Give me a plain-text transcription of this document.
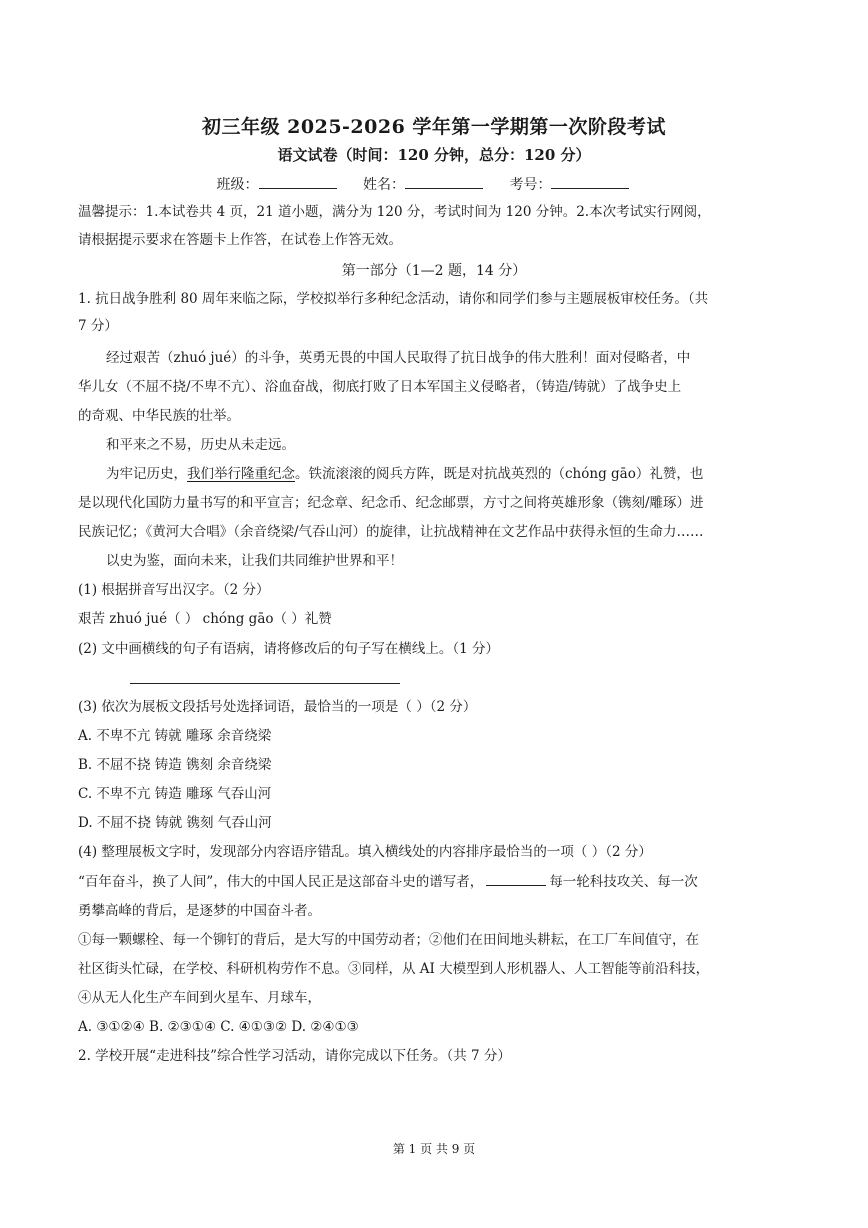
初三年级 2025-2026 学年第一学期第一次阶段考试
语文试卷（时间：120 分钟，总分：120 分）
班级：	姓名：	考号：
温馨提示：1.本试卷共 4 页，21 道小题，满分为 120 分，考试时间为 120 分钟。2.本次考试实行网阅，
请根据提示要求在答题卡上作答，在试卷上作答无效。
第一部分（1—2 题，14 分）
1. 抗日战争胜利 80 周年来临之际，学校拟举行多种纪念活动，请你和同学们参与主题展板审校任务。（共
7 分）
经过艰苦（zhuó jué）的斗争，英勇无畏的中国人民取得了抗日战争的伟大胜利！面对侵略者，中
华儿女（不屈不挠/不卑不亢）、浴血奋战，彻底打败了日本军国主义侵略者，（铸造/铸就）了战争史上
的奇观、中华民族的壮举。
和平来之不易，历史从未走远。
为牢记历史，我们举行隆重纪念。铁流滚滚的阅兵方阵，既是对抗战英烈的（chóng gāo）礼赞，也
是以现代化国防力量书写的和平宣言；纪念章、纪念币、纪念邮票，方寸之间将英雄形象（镌刻/雕琢）进
民族记忆；《黄河大合唱》（余音绕梁/气吞山河）的旋律，让抗战精神在文艺作品中获得永恒的生命力……
以史为鉴，面向未来，让我们共同维护世界和平！
(1) 根据拼音写出汉字。（2 分）
艰苦 zhuó jué（ ） chóng gāo（ ）礼赞
(2) 文中画横线的句子有语病，请将修改后的句子写在横线上。（1 分）
(3) 依次为展板文段括号处选择词语，最恰当的一项是（ ）（2 分）
A. 不卑不亢 铸就 雕琢 余音绕梁
B. 不屈不挠 铸造 镌刻 余音绕梁
C. 不卑不亢 铸造 雕琢 气吞山河
D. 不屈不挠 铸就 镌刻 气吞山河
(4) 整理展板文字时，发现部分内容语序错乱。填入横线处的内容排序最恰当的一项（ ）（2 分）
“百年奋斗，换了人间”，伟大的中国人民正是这部奋斗史的谱写者，	每一轮科技攻关、每一次
勇攀高峰的背后，是逐梦的中国奋斗者。
①每一颗螺栓、每一个铆钉的背后，是大写的中国劳动者；②他们在田间地头耕耘，在工厂车间值守，在
社区街头忙碌，在学校、科研机构劳作不息。③同样，从 AI 大模型到人形机器人、人工智能等前沿科技，
④从无人化生产车间到火星车、月球车，
A. ③①②④ B. ②③①④ C. ④①③② D. ②④①③
2. 学校开展“走进科技”综合性学习活动，请你完成以下任务。（共 7 分）
第 1 页 共 9 页
